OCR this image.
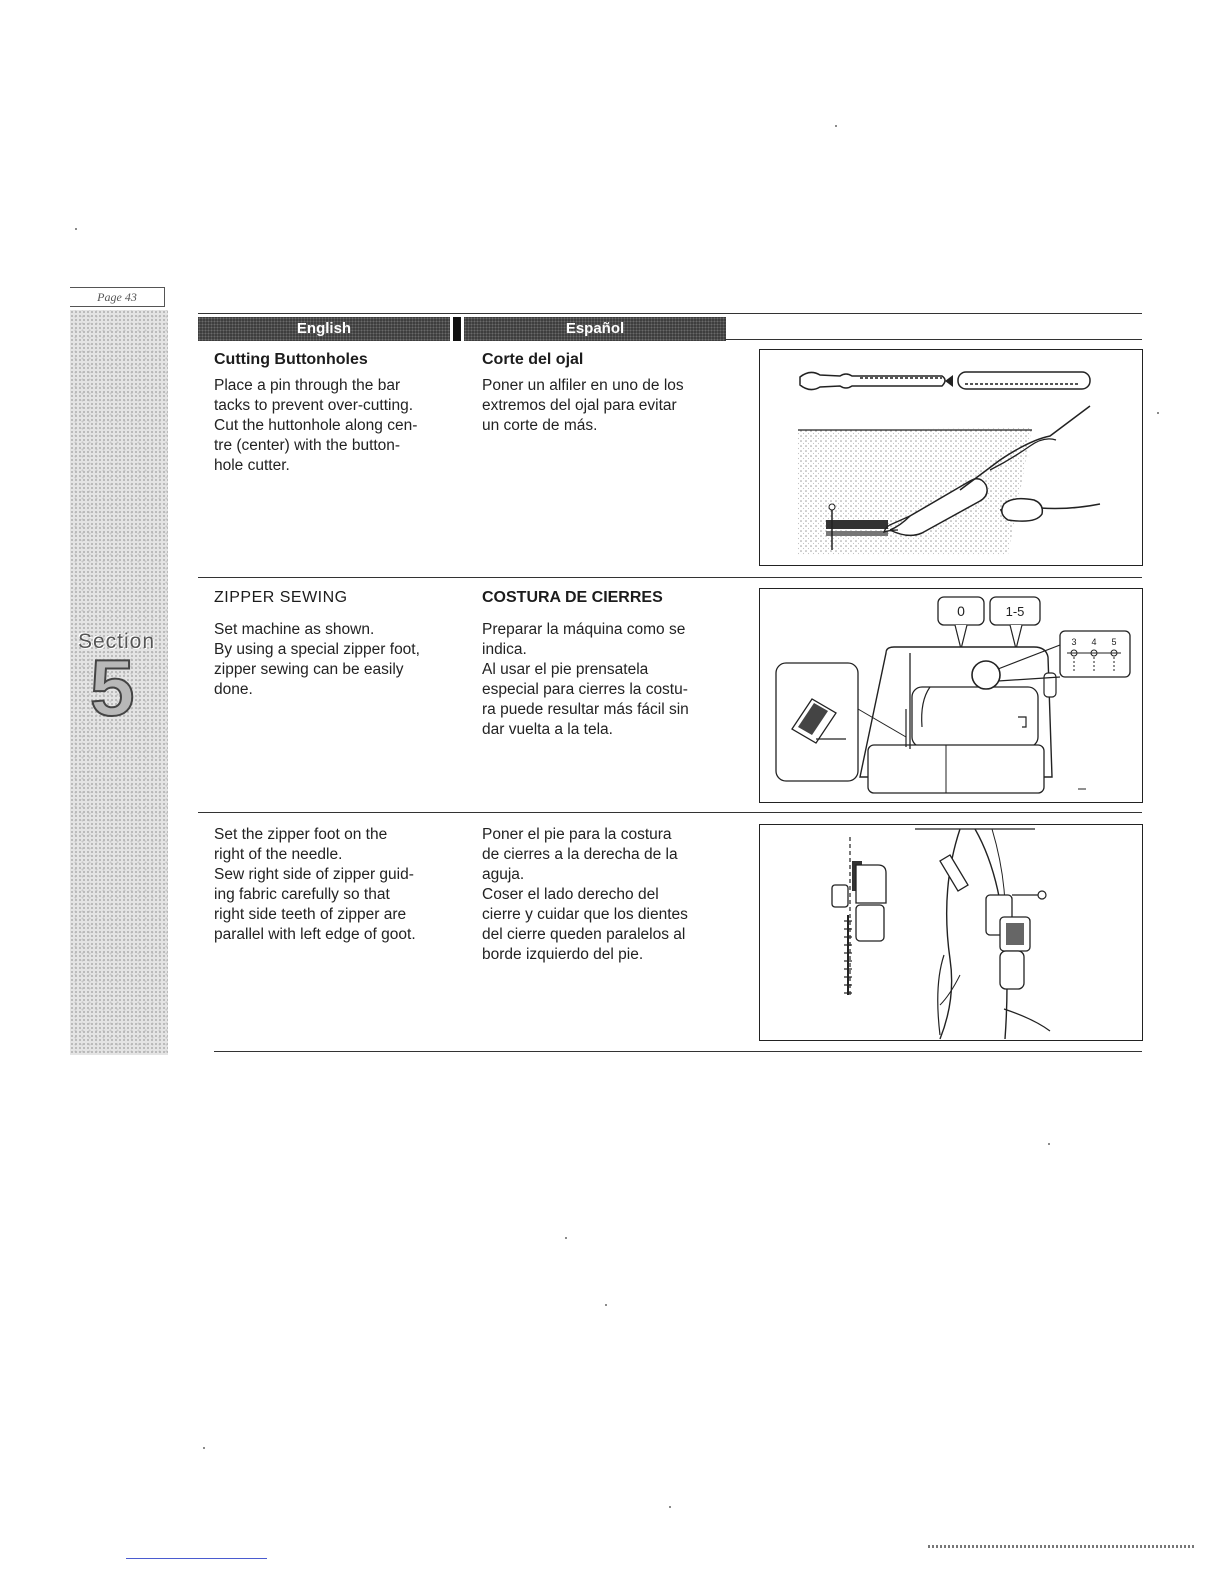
Page 43
Section
5
English	Español
Cutting Buttonholes
Place a pin through the bar
tacks to prevent over-cutting.
Cut the huttonhole along cen-
tre (center) with the button-
hole cutter.
Corte del ojal
Poner un alfiler en uno de los
extremos del ojal para evitar
un corte de más.
ZIPPER SEWING
Set machine as shown.
By using a special zipper foot,
zipper sewing can be easily
done.
COSTURA DE CIERRES
Preparar la máquina como se
indica.
Al usar el pie prensatela
especial para cierres la costu-
ra puede resultar más fácil sin
dar vuelta a la tela.
0	1-5
3 4 5
Set the zipper foot on the
right of the needle.
Sew right side of zipper guid-
ing fabric carefully so that
right side teeth of zipper are
parallel with left edge of goot.
Poner el pie para la costura
de cierres a la derecha de la
aguja.
Coser el lado derecho del
cierre y cuidar que los dientes
del cierre queden paralelos al
borde izquierdo del pie.
